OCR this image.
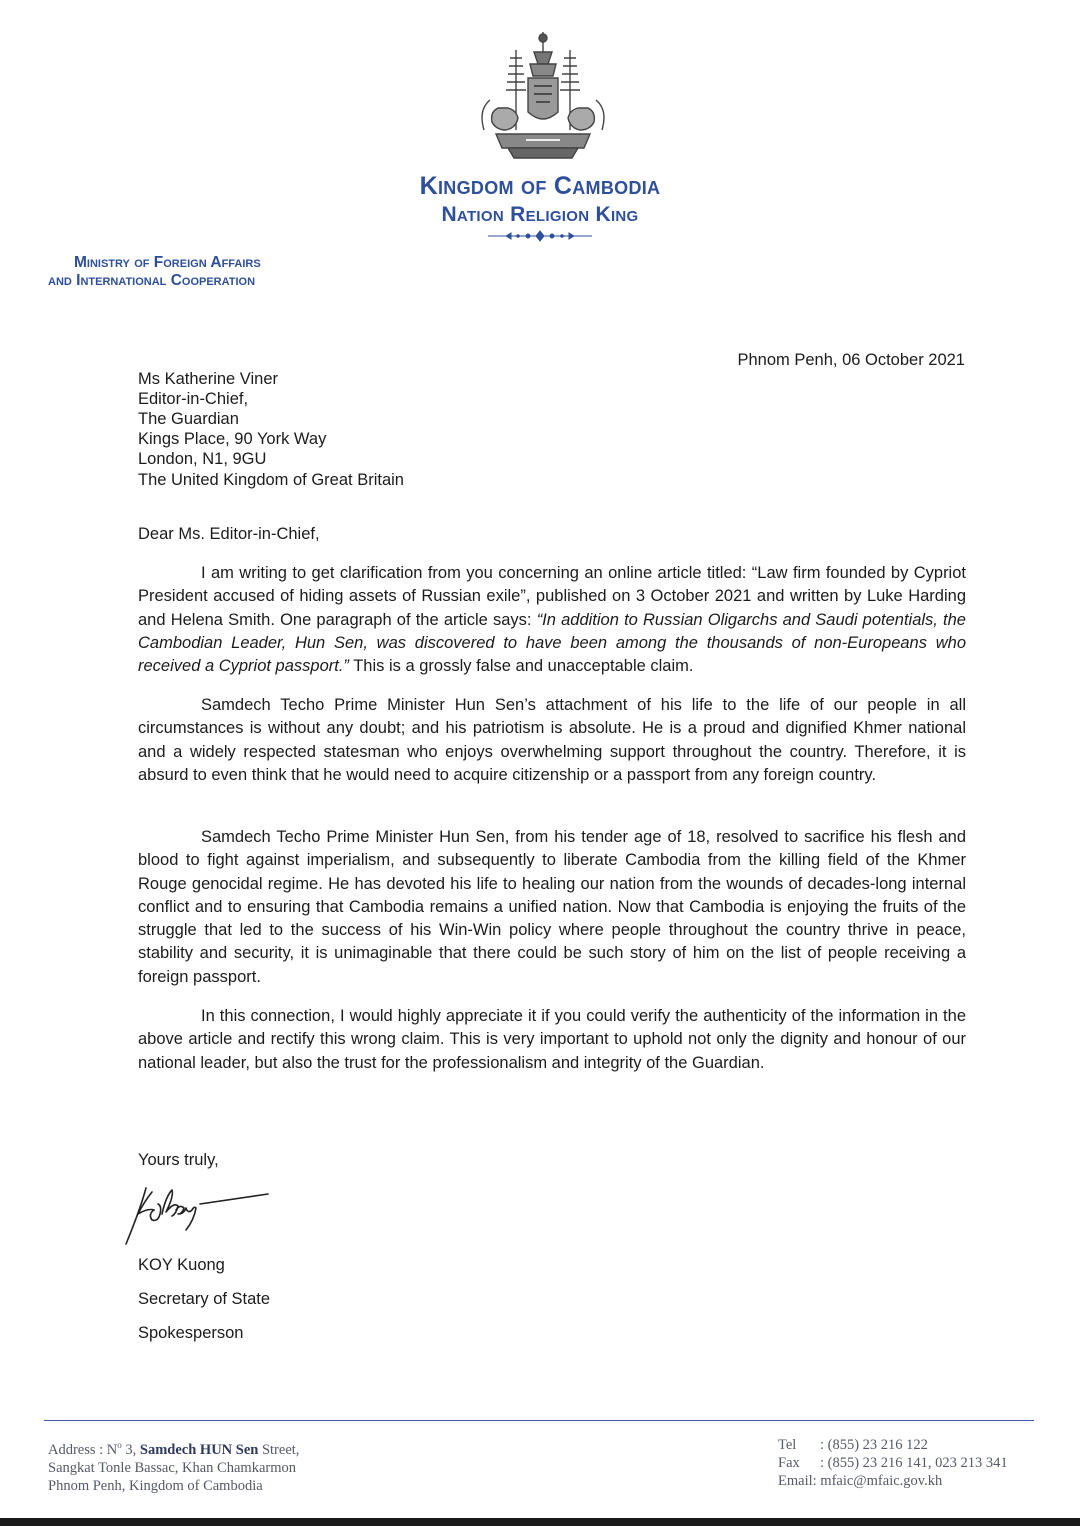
Kingdom of Cambodia
Nation Religion King
Ministry of Foreign Affairs
and International Cooperation
Phnom Penh, 06 October 2021
Ms Katherine Viner
Editor-in-Chief,
The Guardian
Kings Place, 90 York Way
London, N1, 9GU
The United Kingdom of Great Britain
Dear Ms. Editor-in-Chief,

I am writing to get clarification from you concerning an online article titled: “Law firm founded by Cypriot President accused of hiding assets of Russian exile”, published on 3 October 2021 and written by Luke Harding and Helena Smith. One paragraph of the article says: “In addition to Russian Oligarchs and Saudi potentials, the Cambodian Leader, Hun Sen, was discovered to have been among the thousands of non-Europeans who received a Cypriot passport.” This is a grossly false and unacceptable claim.

Samdech Techo Prime Minister Hun Sen’s attachment of his life to the life of our people in all circumstances is without any doubt; and his patriotism is absolute. He is a proud and dignified Khmer national and a widely respected statesman who enjoys overwhelming support throughout the country. Therefore, it is absurd to even think that he would need to acquire citizenship or a passport from any foreign country.

Samdech Techo Prime Minister Hun Sen, from his tender age of 18, resolved to sacrifice his flesh and blood to fight against imperialism, and subsequently to liberate Cambodia from the killing field of the Khmer Rouge genocidal regime. He has devoted his life to healing our nation from the wounds of decades-long internal conflict and to ensuring that Cambodia remains a unified nation. Now that Cambodia is enjoying the fruits of the struggle that led to the success of his Win-Win policy where people throughout the country thrive in peace, stability and security, it is unimaginable that there could be such story of him on the list of people receiving a foreign passport.

In this connection, I would highly appreciate it if you could verify the authenticity of the information in the above article and rectify this wrong claim. This is very important to uphold not only the dignity and honour of our national leader, but also the trust for the professionalism and integrity of the Guardian.

Yours truly,
KOY Kuong
Secretary of State
Spokesperson
Address : $N^o$ 3, Samdech HUN Sen Street,
Sangkat Tonle Bassac, Khan Chamkarmon
Phnom Penh, Kingdom of Cambodia
Tel : (855) 23 216 122
Fax : (855) 23 216 141, 023 213 341
Email: mfaic@mfaic.gov.kh
